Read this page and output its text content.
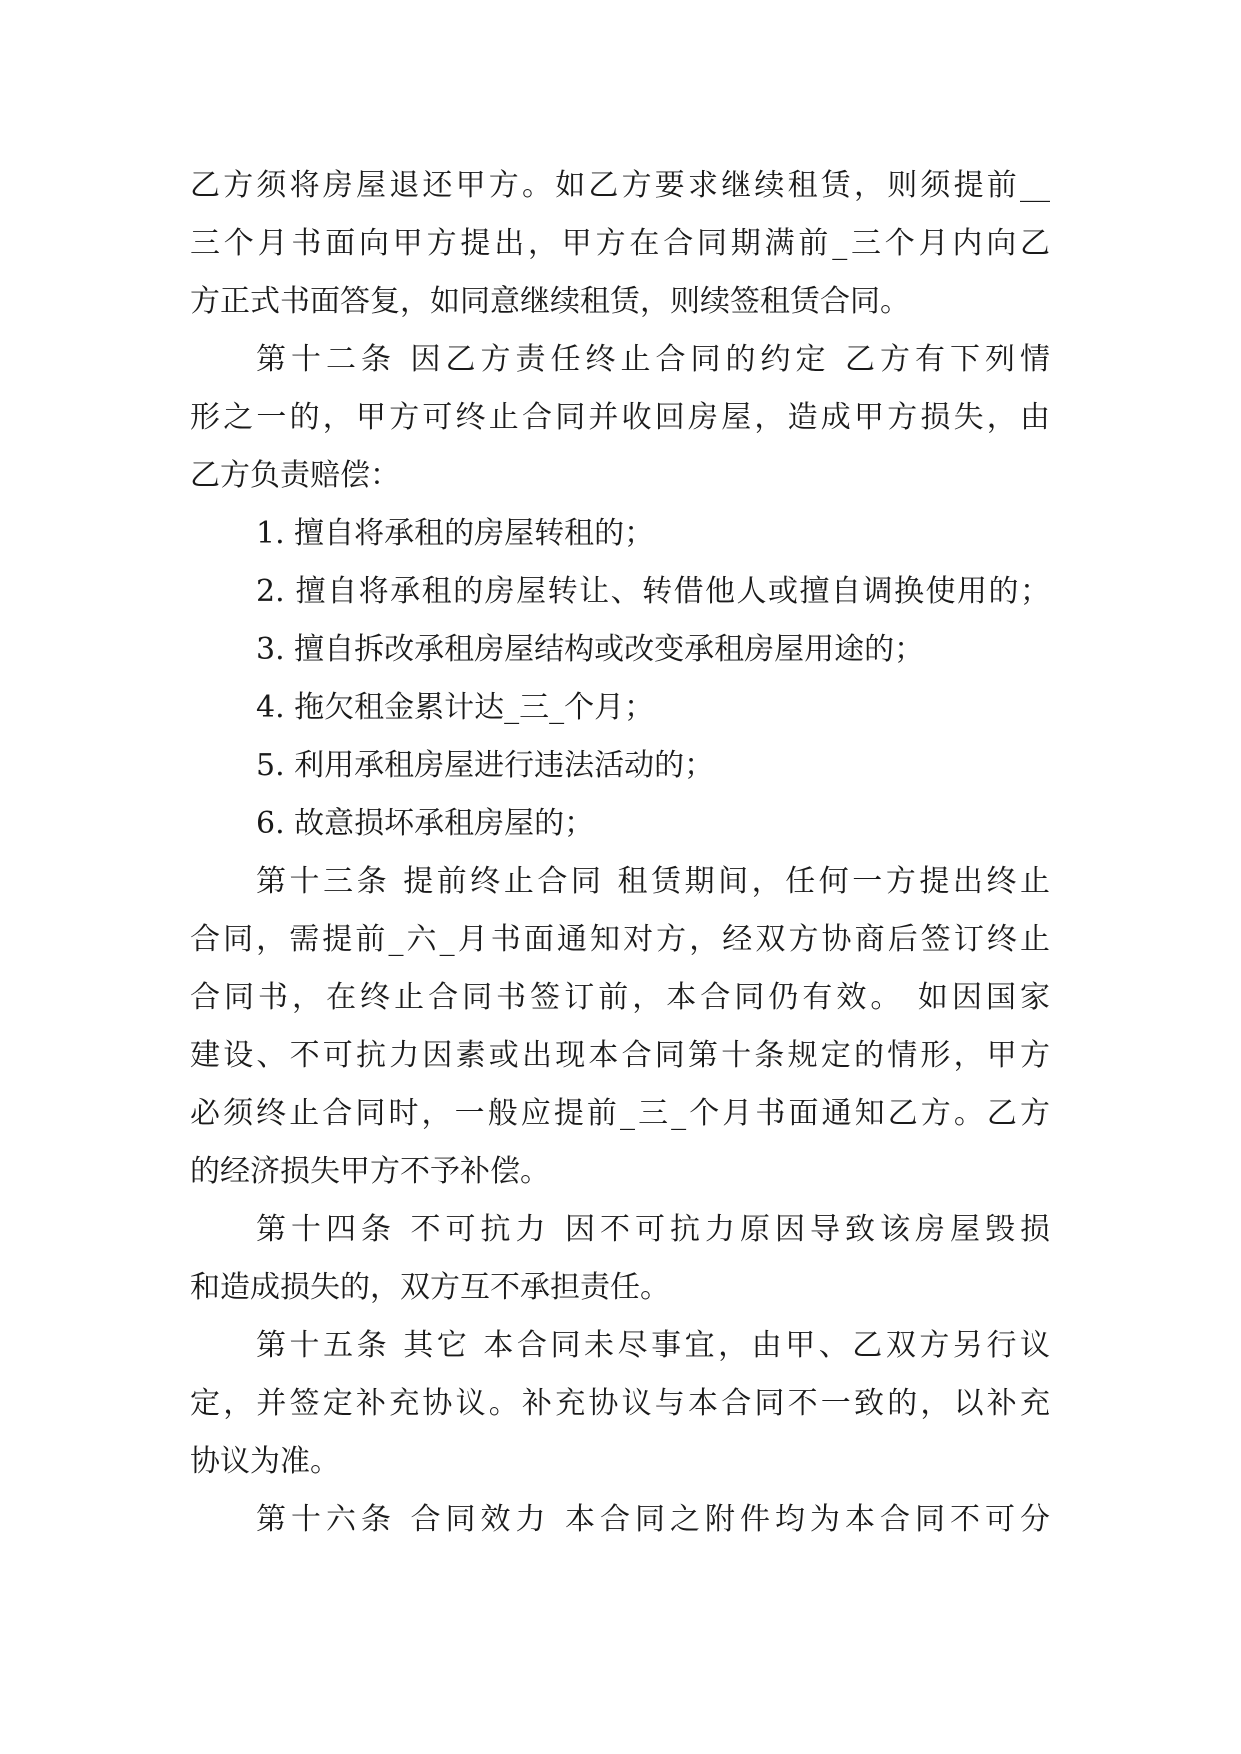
乙方须将房屋退还甲方。如乙方要求继续租赁，则须提前__
三个月书面向甲方提出，甲方在合同期满前_三个月内向乙
方正式书面答复，如同意继续租赁，则续签租赁合同。
第十二条 因乙方责任终止合同的约定 乙方有下列情
形之一的，甲方可终止合同并收回房屋，造成甲方损失，由
乙方负责赔偿：
1. 擅自将承租的房屋转租的；
2. 擅自将承租的房屋转让、转借他人或擅自调换使用的；
3. 擅自拆改承租房屋结构或改变承租房屋用途的；
4. 拖欠租金累计达_三_个月；
5. 利用承租房屋进行违法活动的；
6. 故意损坏承租房屋的；
第十三条 提前终止合同 租赁期间，任何一方提出终止
合同，需提前_六_月书面通知对方，经双方协商后签订终止
合同书，在终止合同书签订前，本合同仍有效。 如因国家
建设、不可抗力因素或出现本合同第十条规定的情形，甲方
必须终止合同时，一般应提前_三_个月书面通知乙方。乙方
的经济损失甲方不予补偿。
第十四条 不可抗力 因不可抗力原因导致该房屋毁损
和造成损失的，双方互不承担责任。
第十五条 其它 本合同未尽事宜，由甲、乙双方另行议
定，并签定补充协议。补充协议与本合同不一致的，以补充
协议为准。
第十六条 合同效力 本合同之附件均为本合同不可分
